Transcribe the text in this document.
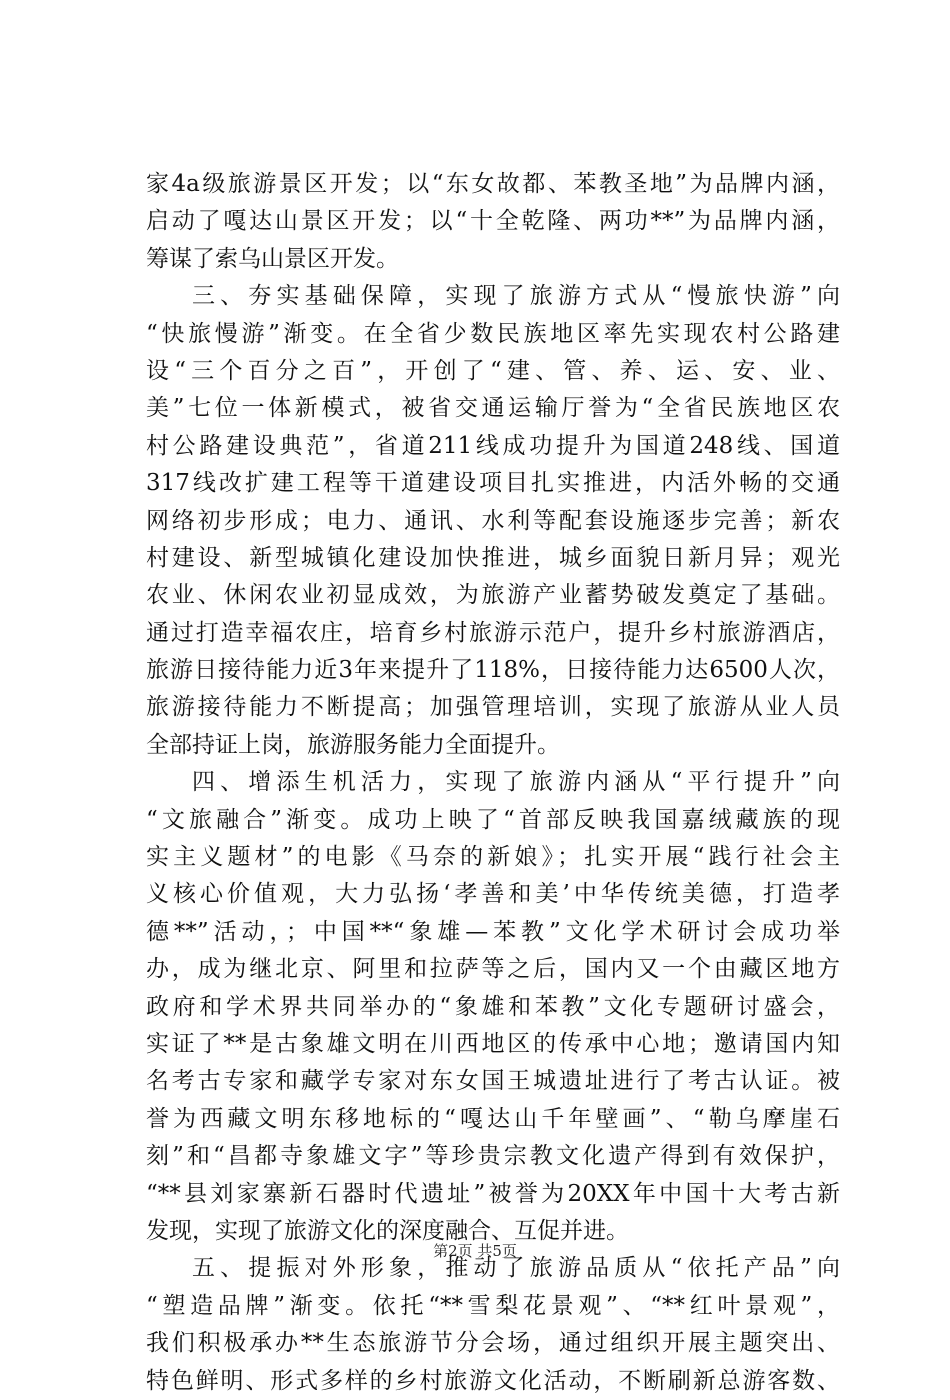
家4a级旅游景区开发；以“东女故都、苯教圣地”为品牌内涵，
启动了嘎达山景区开发；以“十全乾隆、两功**”为品牌内涵，
筹谋了索乌山景区开发。
三、夯实基础保障，实现了旅游方式从“慢旅快游”向
“快旅慢游”渐变。在全省少数民族地区率先实现农村公路建
设“三个百分之百”，开创了“建、管、养、运、安、业、
美”七位一体新模式，被省交通运输厅誉为“全省民族地区农
村公路建设典范”，省道211线成功提升为国道248线、国道
317线改扩建工程等干道建设项目扎实推进，内活外畅的交通
网络初步形成；电力、通讯、水利等配套设施逐步完善；新农
村建设、新型城镇化建设加快推进，城乡面貌日新月异；观光
农业、休闲农业初显成效，为旅游产业蓄势破发奠定了基础。
通过打造幸福农庄，培育乡村旅游示范户，提升乡村旅游酒店，
旅游日接待能力近3年来提升了118%，日接待能力达6500人次，
旅游接待能力不断提高；加强管理培训，实现了旅游从业人员
全部持证上岗，旅游服务能力全面提升。
四、增添生机活力，实现了旅游内涵从“平行提升”向
“文旅融合”渐变。成功上映了“首部反映我国嘉绒藏族的现
实主义题材”的电影《马奈的新娘》；扎实开展“践行社会主
义核心价值观，大力弘扬‘孝善和美’中华传统美德，打造孝
德**”活动，；中国**“象雄—苯教”文化学术研讨会成功举
办，成为继北京、阿里和拉萨等之后，国内又一个由藏区地方
政府和学术界共同举办的“象雄和苯教”文化专题研讨盛会，
实证了**是古象雄文明在川西地区的传承中心地；邀请国内知
名考古专家和藏学专家对东女国王城遗址进行了考古认证。被
誉为西藏文明东移地标的“嘎达山千年壁画”、“勒乌摩崖石
刻”和“昌都寺象雄文字”等珍贵宗教文化遗产得到有效保护，
“**县刘家寨新石器时代遗址”被誉为20XX年中国十大考古新
发现，实现了旅游文化的深度融合、互促并进。
五、提振对外形象，推动了旅游品质从“依托产品”向
“塑造品牌”渐变。依托“**雪梨花景观”、“**红叶景观”，
我们积极承办**生态旅游节分会场，通过组织开展主题突出、
特色鲜明、形式多样的乡村旅游文化活动，不断刷新总游客数、
第2页 共5页
